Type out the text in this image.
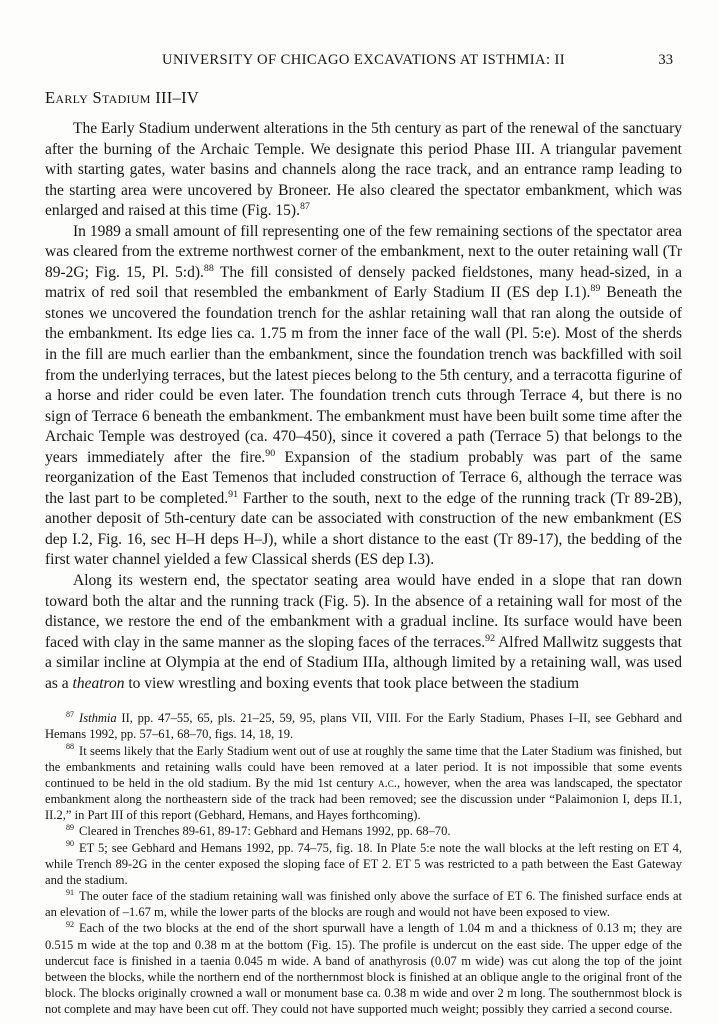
UNIVERSITY OF CHICAGO EXCAVATIONS AT ISTHMIA: II	33
Early Stadium III–IV

The Early Stadium underwent alterations in the 5th century as part of the renewal of the sanctuary after the burning of the Archaic Temple. We designate this period Phase III. A triangular pavement with starting gates, water basins and channels along the race track, and an entrance ramp leading to the starting area were uncovered by Broneer. He also cleared the spectator embankment, which was enlarged and raised at this time (Fig. 15).$^{87}$

In 1989 a small amount of fill representing one of the few remaining sections of the spectator area was cleared from the extreme northwest corner of the embankment, next to the outer retaining wall (Tr 89-2G; Fig. 15, Pl. 5:d).$^{88}$ The fill consisted of densely packed fieldstones, many head-sized, in a matrix of red soil that resembled the embankment of Early Stadium II (ES dep I.1).$^{89}$ Beneath the stones we uncovered the foundation trench for the ashlar retaining wall that ran along the outside of the embankment. Its edge lies ca. 1.75 m from the inner face of the wall (Pl. 5:e). Most of the sherds in the fill are much earlier than the embankment, since the foundation trench was backfilled with soil from the underlying terraces, but the latest pieces belong to the 5th century, and a terracotta figurine of a horse and rider could be even later. The foundation trench cuts through Terrace 4, but there is no sign of Terrace 6 beneath the embankment. The embankment must have been built some time after the Archaic Temple was destroyed (ca. 470–450), since it covered a path (Terrace 5) that belongs to the years immediately after the fire.$^{90}$ Expansion of the stadium probably was part of the same reorganization of the East Temenos that included construction of Terrace 6, although the terrace was the last part to be completed.$^{91}$ Farther to the south, next to the edge of the running track (Tr 89-2B), another deposit of 5th-century date can be associated with construction of the new embankment (ES dep I.2, Fig. 16, sec H–H deps H–J), while a short distance to the east (Tr 89-17), the bedding of the first water channel yielded a few Classical sherds (ES dep I.3).

Along its western end, the spectator seating area would have ended in a slope that ran down toward both the altar and the running track (Fig. 5). In the absence of a retaining wall for most of the distance, we restore the end of the embankment with a gradual incline. Its surface would have been faced with clay in the same manner as the sloping faces of the terraces.$^{92}$ Alfred Mallwitz suggests that a similar incline at Olympia at the end of Stadium IIIa, although limited by a retaining wall, was used as a theatron to view wrestling and boxing events that took place between the stadium

$^{87}$ Isthmia II, pp. 47–55, 65, pls. 21–25, 59, 95, plans VII, VIII. For the Early Stadium, Phases I–II, see Gebhard and Hemans 1992, pp. 57–61, 68–70, figs. 14, 18, 19.

$^{88}$ It seems likely that the Early Stadium went out of use at roughly the same time that the Later Stadium was finished, but the embankments and retaining walls could have been removed at a later period. It is not impossible that some events continued to be held in the old stadium. By the mid 1st century a.c., however, when the area was landscaped, the spectator embankment along the northeastern side of the track had been removed; see the discussion under “Palaimonion I, deps II.1, II.2,” in Part III of this report (Gebhard, Hemans, and Hayes forthcoming).

$^{89}$ Cleared in Trenches 89-61, 89-17: Gebhard and Hemans 1992, pp. 68–70.

$^{90}$ ET 5; see Gebhard and Hemans 1992, pp. 74–75, fig. 18. In Plate 5:e note the wall blocks at the left resting on ET 4, while Trench 89-2G in the center exposed the sloping face of ET 2. ET 5 was restricted to a path between the East Gateway and the stadium.

$^{91}$ The outer face of the stadium retaining wall was finished only above the surface of ET 6. The finished surface ends at an elevation of –1.67 m, while the lower parts of the blocks are rough and would not have been exposed to view.

$^{92}$ Each of the two blocks at the end of the short spurwall have a length of 1.04 m and a thickness of 0.13 m; they are 0.515 m wide at the top and 0.38 m at the bottom (Fig. 15). The profile is undercut on the east side. The upper edge of the undercut face is finished in a taenia 0.045 m wide. A band of anathyrosis (0.07 m wide) was cut along the top of the joint between the blocks, while the northern end of the northernmost block is finished at an oblique angle to the original front of the block. The blocks originally crowned a wall or monument base ca. 0.38 m wide and over 2 m long. The southernmost block is not complete and may have been cut off. They could not have supported much weight; possibly they carried a second course.
